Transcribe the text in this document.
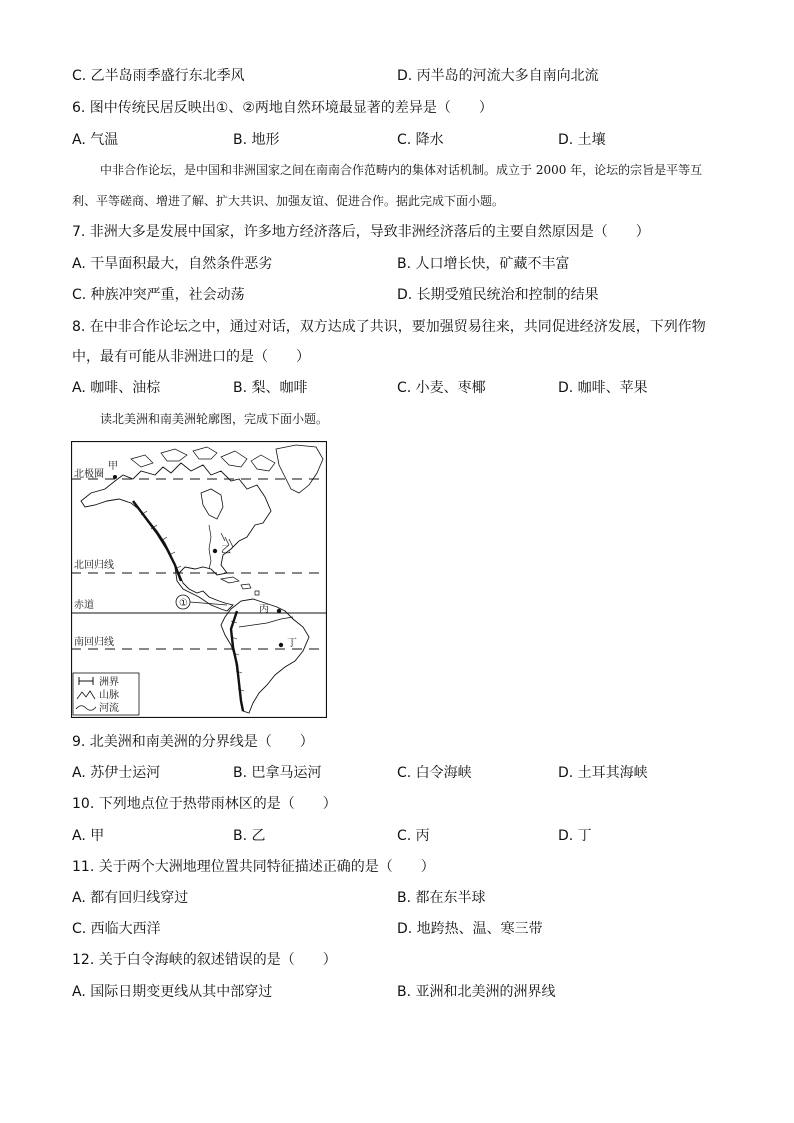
C. 乙半岛雨季盛行东北季风	D. 丙半岛的河流大多自南向北流
6. 图中传统民居反映出①、②两地自然环境最显著的差异是（　　）
A. 气温	B. 地形	C. 降水	D. 土壤
中非合作论坛，是中国和非洲国家之间在南南合作范畴内的集体对话机制。成立于 2000 年，论坛的宗旨是平等互利、平等磋商、增进了解、扩大共识、加强友谊、促进合作。据此完成下面小题。
7. 非洲大多是发展中国家，许多地方经济落后，导致非洲经济落后的主要自然原因是（　　）
A. 干旱面积最大，自然条件恶劣	B. 人口增长快，矿藏不丰富
C. 种族冲突严重，社会动荡	D. 长期受殖民统治和控制的结果
8. 在中非合作论坛之中，通过对话，双方达成了共识，要加强贸易往来，共同促进经济发展，下列作物
中，最有可能从非洲进口的是（　　）
A. 咖啡、油棕	B. 梨、咖啡	C. 小麦、枣椰	D. 咖啡、苹果
读北美洲和南美洲轮廓图，完成下面小题。
北极圈
北回归线
赤道
南回归线
甲
乙
丙
丁
①
洲界
山脉
河流
9. 北美洲和南美洲的分界线是（　　）
A. 苏伊士运河	B. 巴拿马运河	C. 白令海峡	D. 土耳其海峡
10. 下列地点位于热带雨林区的是（　　）
A. 甲	B. 乙	C. 丙	D. 丁
11. 关于两个大洲地理位置共同特征描述正确的是（　　）
A. 都有回归线穿过	B. 都在东半球
C. 西临大西洋	D. 地跨热、温、寒三带
12. 关于白令海峡的叙述错误的是（　　）
A. 国际日期变更线从其中部穿过	B. 亚洲和北美洲的洲界线
